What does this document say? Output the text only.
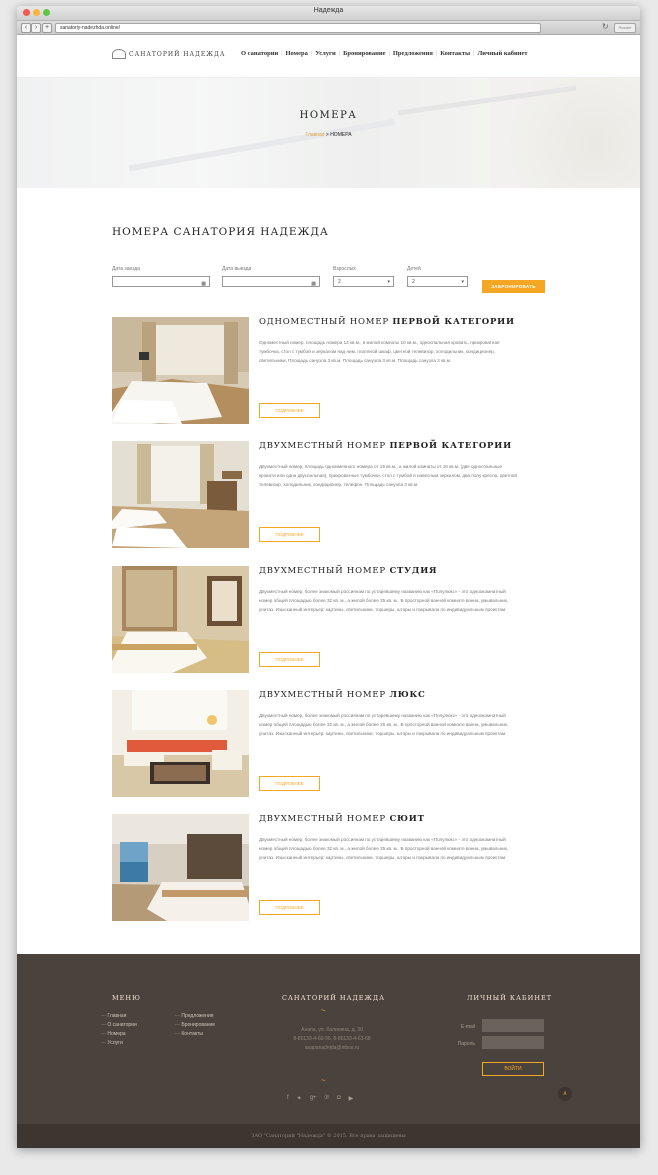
Надежда
‹	›	+	sanatoriy-nadezhda.online/	↻	Reader
САНАТОРИЙ НАДЕЖДА О санатории | Номера | Услуги | Бронирование | Предложения | Контакты | Личный кабинет
НОМЕРА
Главная > НОМЕРА
НОМЕРА САНАТОРИЯ НАДЕЖДА
Дата заезда
▦
Дата выезда
▦
Взрослых
2	▾
Детей
2	▾
ЗАБРОНИРОВАТЬ
ОДНОМЕСТНЫЙ НОМЕР ПЕРВОЙ КАТЕГОРИИ

Одноместный номер, площадь номера 14 кв.м., в жилой комнаты 10 кв.м., односпальная кровать, прикроватная тумбочка, стол с тумбой и зеркалом над ним, платяной шкаф, цветной телевизор, холодильник, кондиционер, светильники, Площадь санузла 3 кв.м. Площадь санузла 3 кв.м. Площадь санузла 3 кв.м.

ПОДРОБНЕЕ
ДВУХМЕСТНЫЙ НОМЕР ПЕРВОЙ КАТЕГОРИИ

Двухместный номер, площадь одноименного номера от 19 кв.м., а жилой комнаты от 16 кв.м. (две односпальные кровати или одна двуспальная), прикроватные тумбочки, стол с тумбой и навесным зеркалом, два полу кресла, цветной телевизор, холодильник, кондиционер, телефон. Площадь санузла 3 кв.м.

ПОДРОБНЕЕ
ДВУХМЕСТНЫЙ НОМЕР СТУДИЯ

Двухместный номер, более знакомый россиянам по устаревшему названию как «Полулюкс» - это одноокомнатный номер общей площадью более 32 кв. м., а жилой более 25 кв. м.. В просторной ванной комнате ванна, умывальник, унитаз. Изысканный интерьер: картины, светильники, торшеры, шторы и покрывала по индивидуальным проектам.

ПОДРОБНЕЕ
ДВУХМЕСТНЫЙ НОМЕР ЛЮКС

Двухместный номер, более знакомый россиянам по устаревшему названию как «Полулюкс» - это одноокомнатный номер общей площадью более 32 кв. м., а жилой более 25 кв. м.. В просторной ванной комнате ванна, умывальник, унитаз. Изысканный интерьер: картины, светильники, торшеры, шторы и покрывала по индивидуальным проектам.

ПОДРОБНЕЕ
ДВУХМЕСТНЫЙ НОМЕР СЮИТ

Двухместный номер, более знакомый россиянам по устаревшему названию как «Полулюкс» - это одноокомнатный номер общей площадью более 32 кв. м., а жилой более 25 кв. м.. В просторной ванной комнате ванна, умывальник, унитаз. Изысканный интерьер: картины, светильники, торшеры, шторы и покрывала по индивидуальным проектам.

ПОДРОБНЕЕ
МЕНЮ
— Главная
— О санатории
— Номера
— Услуги
— Предложения
— Бронирование
— Контакты
САНАТОРИЙ НАДЕЖДА
~
Анапа, ул. Калинина, д. 30
8-86133-4-60-96, 8-86133-4-63-68
anapanadejda@inbox.ru
~
f ✦ g+ ℗ ◘ ▶
ЛИЧНЫЙ КАБИНЕТ
E-mail
Пароль
ВОЙТИ
∧
ЗАО "Санаторий "Надежда" © 2015. Все права защищены
